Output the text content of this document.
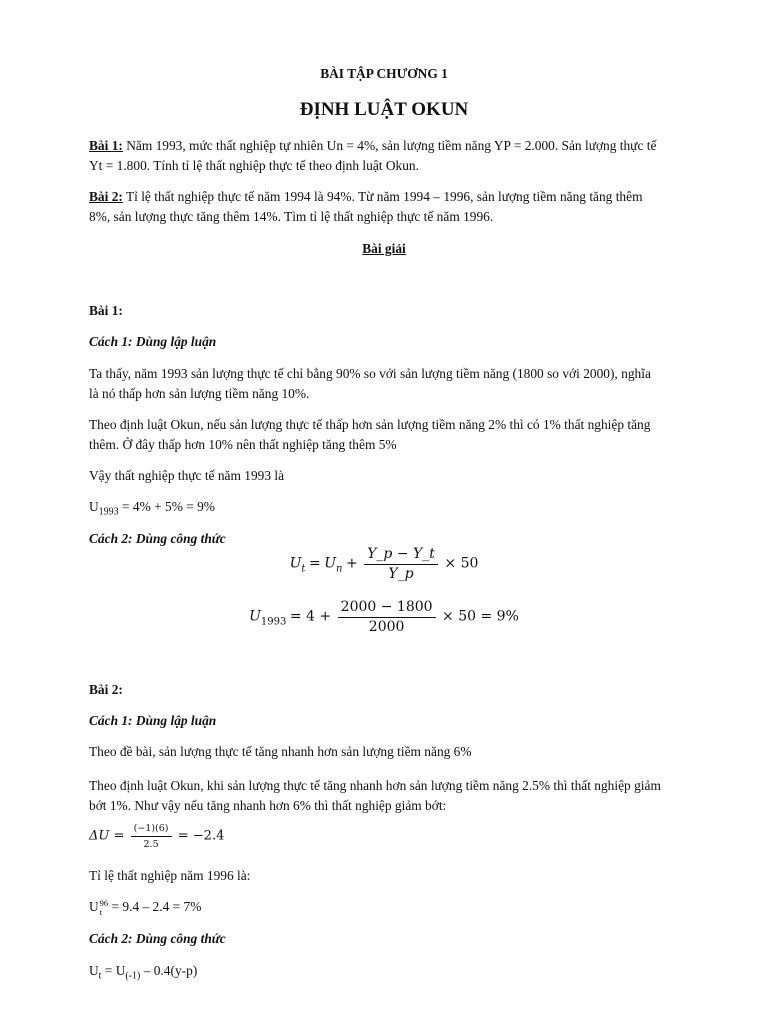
BÀI TẬP CHƯƠNG 1

ĐỊNH LUẬT OKUN

Bài 1: Năm 1993, mức thất nghiệp tự nhiên Un = 4%, sản lượng tiềm năng YP = 2.000. Sản lượng thực tế
Yt = 1.800. Tính tỉ lệ thất nghiệp thực tế theo định luật Okun.
Bài 2: Tỉ lệ thất nghiệp thực tế năm 1994 là 94%. Từ năm 1994 – 1996, sản lượng tiềm năng tăng thêm
8%, sản lượng thực tăng thêm 14%. Tìm tỉ lệ thất nghiệp thực tế năm 1996.

Bài giải

Bài 1:

Cách 1: Dùng lập luận

Ta thấy, năm 1993 sản lượng thực tế chỉ bằng 90% so với sản lượng tiềm năng (1800 so với 2000), nghĩa
là nó thấp hơn sản lượng tiềm năng 10%.
Theo định luật Okun, nếu sản lượng thực tế thấp hơn sản lượng tiềm năng 2% thì có 1% thất nghiệp tăng
thêm. Ở đây thấp hơn 10% nên thất nghiệp tăng thêm 5%

Vậy thất nghiệp thực tế năm 1993 là

$U_{1993} = 4\% + 5\% = 9\%$

Cách 2: Dùng công thức

$U_t = U_n + \frac{Y\_p - Y\_t}{Y\_p} \times 50$
$U_{1993} = 4 + \frac{2000 - 1800}{2000} \times 50 = 9\%$

Bài 2:

Cách 1: Dùng lập luận

Theo đề bài, sản lượng thực tế tăng nhanh hơn sản lượng tiềm năng 6%

Theo định luật Okun, khi sản lượng thực tế tăng nhanh hơn sản lượng tiềm năng 2.5% thì thất nghiệp giảm
bớt 1%. Như vậy nếu tăng nhanh hơn 6% thì thất nghiệp giảm bớt:
$\Delta U = \frac{(-1)(6)}{2.5} = -2.4$

Tỉ lệ thất nghiệp năm 1996 là:

U 96
t = 9.4 – 2.4 = 7%

Cách 2: Dùng công thức

$U_t = U_{(-1)} - 0.4(y-p)$
